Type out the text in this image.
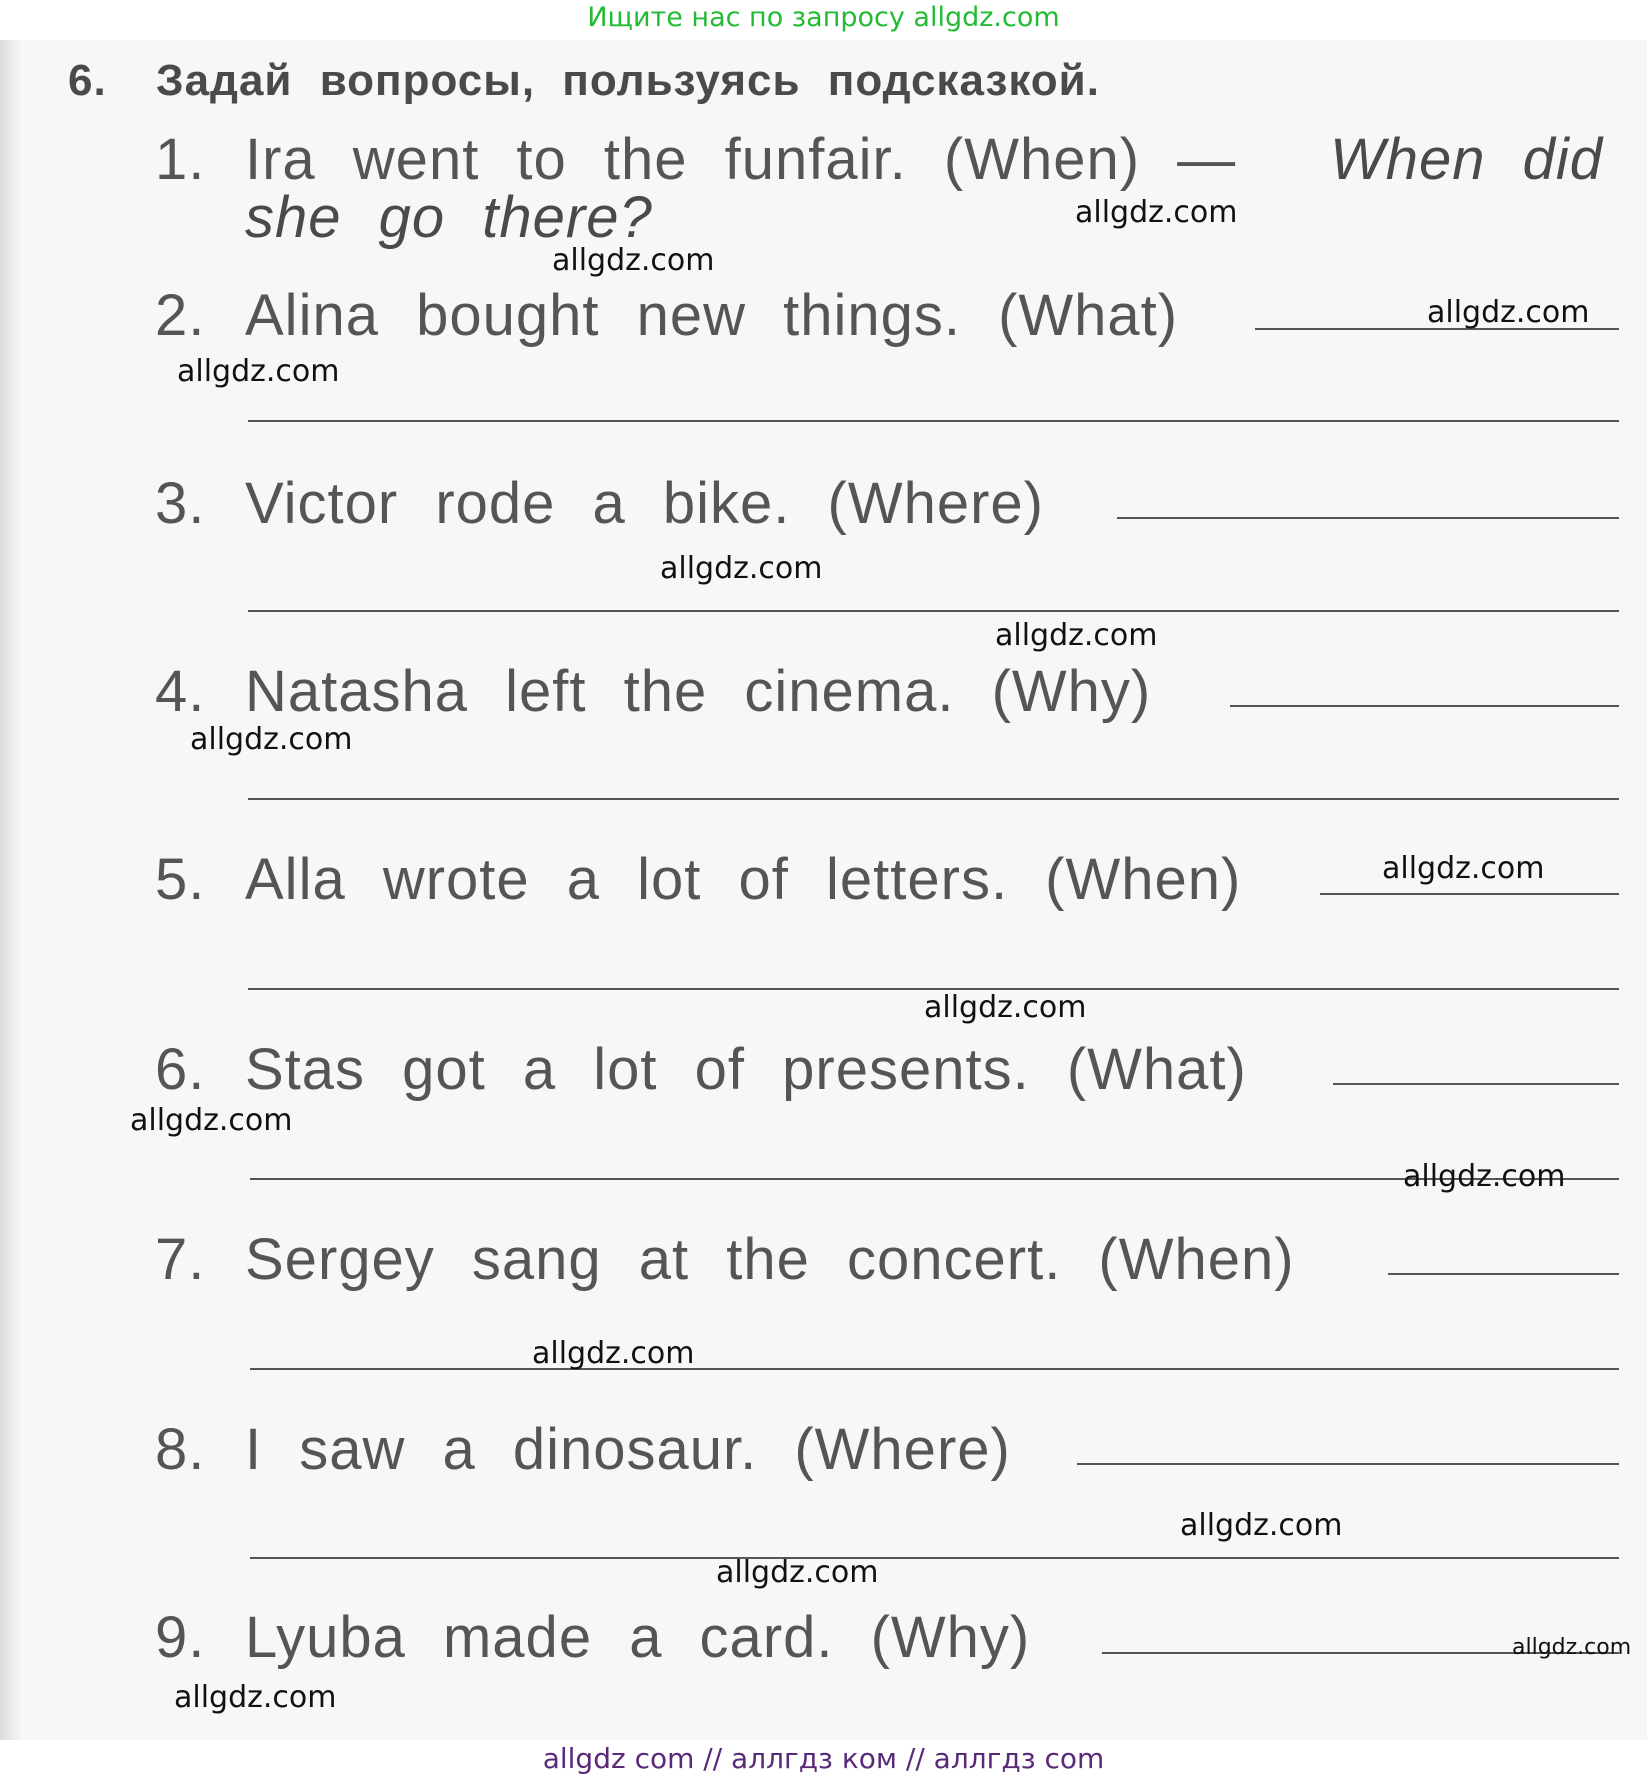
Ищите нас по запросу allgdz.com
6. Задай вопросы, пользуясь подсказкой.
1. Ira went to the funfair. (When) — When did
she go there?
2. Alina bought new things. (What)
3. Victor rode a bike. (Where)
4. Natasha left the cinema. (Why)
5. Alla wrote a lot of letters. (When)
6. Stas got a lot of presents. (What)
7. Sergey sang at the concert. (When)
8. I saw a dinosaur. (Where)
9. Lyuba made a card. (Why)
allgdz.com
allgdz.com
allgdz.com
allgdz.com
allgdz.com
allgdz.com
allgdz.com
allgdz.com
allgdz.com
allgdz.com
allgdz.com
allgdz.com
allgdz.com
allgdz.com
allgdz.com
allgdz.com
allgdz com // аллгдз ком // аллгдз com
